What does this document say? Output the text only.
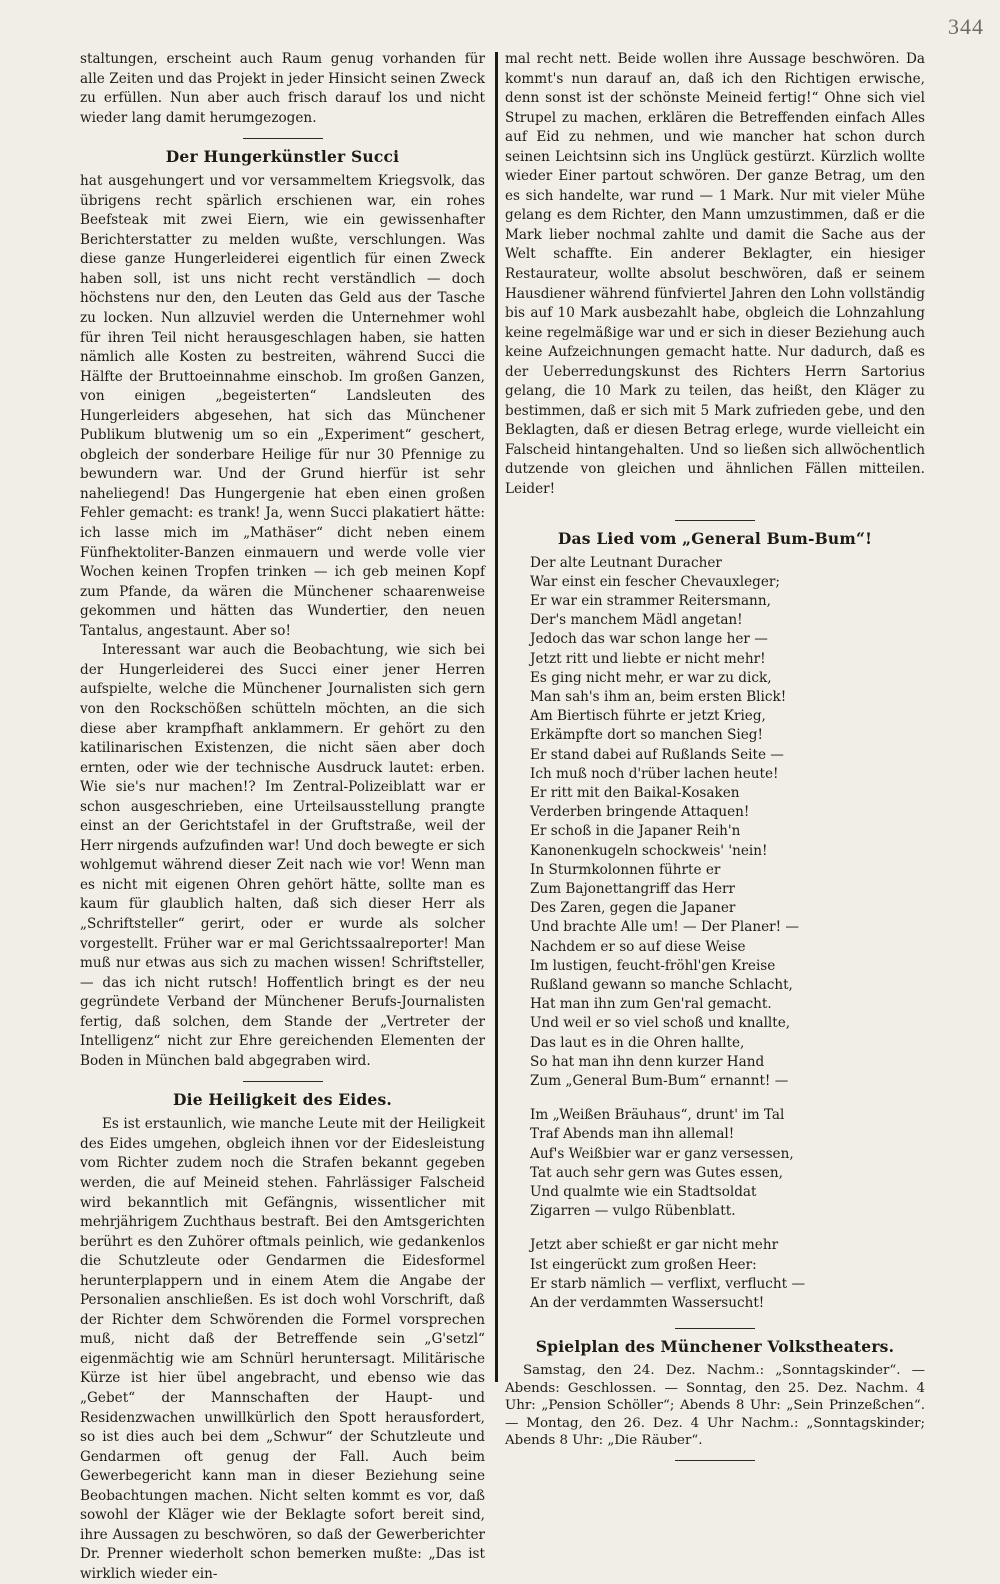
344

staltungen, erscheint auch Raum genug vorhanden für alle Zeiten und das Projekt in jeder Hinsicht seinen Zweck zu erfüllen. Nun aber auch frisch darauf los und nicht wieder lang damit herumgezogen.

Der Hungerkünstler Succi

hat ausgehungert und vor versammeltem Kriegsvolk, das übrigens recht spärlich erschienen war, ein rohes Beefsteak mit zwei Eiern, wie ein gewissenhafter Berichterstatter zu melden wußte, verschlungen. Was diese ganze Hungerleiderei eigentlich für einen Zweck haben soll, ist uns nicht recht verständlich — doch höchstens nur den, den Leuten das Geld aus der Tasche zu locken. Nun allzuviel werden die Unternehmer wohl für ihren Teil nicht herausgeschlagen haben, sie hatten nämlich alle Kosten zu bestreiten, während Succi die Hälfte der Bruttoeinnahme einschob. Im großen Ganzen, von einigen „begeisterten“ Landsleuten des Hungerleiders abgesehen, hat sich das Münchener Publikum blutwenig um so ein „Experiment“ geschert, obgleich der sonderbare Heilige für nur 30 Pfennige zu bewundern war. Und der Grund hierfür ist sehr naheliegend! Das Hungergenie hat eben einen großen Fehler gemacht: es trank! Ja, wenn Succi plakatiert hätte: ich lasse mich im „Mathäser“ dicht neben einem Fünfhektoliter-Banzen einmauern und werde volle vier Wochen keinen Tropfen trinken — ich geb meinen Kopf zum Pfande, da wären die Münchener schaarenweise gekommen und hätten das Wundertier, den neuen Tantalus, angestaunt. Aber so!

Interessant war auch die Beobachtung, wie sich bei der Hungerleiderei des Succi einer jener Herren aufspielte, welche die Münchener Journalisten sich gern von den Rockschößen schütteln möchten, an die sich diese aber krampfhaft anklammern. Er gehört zu den katilinarischen Existenzen, die nicht säen aber doch ernten, oder wie der technische Ausdruck lautet: erben. Wie sie's nur machen!? Im Zentral-Polizeiblatt war er schon ausgeschrieben, eine Urteilsausstellung prangte einst an der Gerichtstafel in der Gruftstraße, weil der Herr nirgends aufzufinden war! Und doch bewegte er sich wohlgemut während dieser Zeit nach wie vor! Wenn man es nicht mit eigenen Ohren gehört hätte, sollte man es kaum für glaublich halten, daß sich dieser Herr als „Schriftsteller“ gerirt, oder er wurde als solcher vorgestellt. Früher war er mal Gerichtssaalreporter! Man muß nur etwas aus sich zu machen wissen! Schriftsteller, — das ich nicht rutsch! Hoffentlich bringt es der neu gegründete Verband der Münchener Berufs-Journalisten fertig, daß solchen, dem Stande der „Vertreter der Intelligenz“ nicht zur Ehre gereichenden Elementen der Boden in München bald abgegraben wird.

Die Heiligkeit des Eides.

Es ist erstaunlich, wie manche Leute mit der Heiligkeit des Eides umgehen, obgleich ihnen vor der Eidesleistung vom Richter zudem noch die Strafen bekannt gegeben werden, die auf Meineid stehen. Fahrlässiger Falscheid wird bekanntlich mit Gefängnis, wissentlicher mit mehrjährigem Zuchthaus bestraft. Bei den Amtsgerichten berührt es den Zuhörer oftmals peinlich, wie gedankenlos die Schutzleute oder Gendarmen die Eidesformel herunterplappern und in einem Atem die Angabe der Personalien anschließen. Es ist doch wohl Vorschrift, daß der Richter dem Schwörenden die Formel vorsprechen muß, nicht daß der Betreffende sein „G'setzl“ eigenmächtig wie am Schnürl heruntersagt. Militärische Kürze ist hier übel angebracht, und ebenso wie das „Gebet“ der Mannschaften der Haupt- und Residenzwachen unwillkürlich den Spott herausfordert, so ist dies auch bei dem „Schwur“ der Schutzleute und Gendarmen oft genug der Fall. Auch beim Gewerbegericht kann man in dieser Beziehung seine Beobachtungen machen. Nicht selten kommt es vor, daß sowohl der Kläger wie der Beklagte sofort bereit sind, ihre Aussagen zu beschwören, so daß der Gewerberichter Dr. Prenner wiederholt schon bemerken mußte: „Das ist wirklich wieder ein-

mal recht nett. Beide wollen ihre Aussage beschwören. Da kommt's nun darauf an, daß ich den Richtigen erwische, denn sonst ist der schönste Meineid fertig!“ Ohne sich viel Strupel zu machen, erklären die Betreffenden einfach Alles auf Eid zu nehmen, und wie mancher hat schon durch seinen Leichtsinn sich ins Unglück gestürzt. Kürzlich wollte wieder Einer partout schwören. Der ganze Betrag, um den es sich handelte, war rund — 1 Mark. Nur mit vieler Mühe gelang es dem Richter, den Mann umzustimmen, daß er die Mark lieber nochmal zahlte und damit die Sache aus der Welt schaffte. Ein anderer Beklagter, ein hiesiger Restaurateur, wollte absolut beschwören, daß er seinem Hausdiener während fünfviertel Jahren den Lohn vollständig bis auf 10 Mark ausbezahlt habe, obgleich die Lohnzahlung keine regelmäßige war und er sich in dieser Beziehung auch keine Aufzeichnungen gemacht hatte. Nur dadurch, daß es der Ueberredungskunst des Richters Herrn Sartorius gelang, die 10 Mark zu teilen, das heißt, den Kläger zu bestimmen, daß er sich mit 5 Mark zufrieden gebe, und den Beklagten, daß er diesen Betrag erlege, wurde vielleicht ein Falscheid hintangehalten. Und so ließen sich allwöchentlich dutzende von gleichen und ähnlichen Fällen mitteilen. Leider!

Das Lied vom „General Bum-Bum“!
Der alte Leutnant Duracher
War einst ein fescher Chevauxleger;
Er war ein strammer Reitersmann,
Der's manchem Mädl angetan!
Jedoch das war schon lange her —
Jetzt ritt und liebte er nicht mehr!
Es ging nicht mehr, er war zu dick,
Man sah's ihm an, beim ersten Blick!
Am Biertisch führte er jetzt Krieg,
Erkämpfte dort so manchen Sieg!
Er stand dabei auf Rußlands Seite —
Ich muß noch d'rüber lachen heute!
Er ritt mit den Baikal-Kosaken
Verderben bringende Attaquen!
Er schoß in die Japaner Reih'n
Kanonenkugeln schockweis' 'nein!
In Sturmkolonnen führte er
Zum Bajonettangriff das Herr
Des Zaren, gegen die Japaner
Und brachte Alle um! — Der Planer! —
Nachdem er so auf diese Weise
Im lustigen, feucht-fröhl'gen Kreise
Rußland gewann so manche Schlacht,
Hat man ihn zum Gen'ral gemacht.
Und weil er so viel schoß und knallte,
Das laut es in die Ohren hallte,
So hat man ihn denn kurzer Hand
Zum „General Bum-Bum“ ernannt! —
Im „Weißen Bräuhaus“, drunt' im Tal
Traf Abends man ihn allemal!
Auf's Weißbier war er ganz versessen,
Tat auch sehr gern was Gutes essen,
Und qualmte wie ein Stadtsoldat
Zigarren — vulgo Rübenblatt.
Jetzt aber schießt er gar nicht mehr
Ist eingerückt zum großen Heer:
Er starb nämlich — verflixt, verflucht —
An der verdammten Wassersucht!
Spielplan des Münchener Volkstheaters.

Samstag, den 24. Dez. Nachm.: „Sonntagskinder“. — Abends: Geschlossen. — Sonntag, den 25. Dez. Nachm. 4 Uhr: „Pension Schöller“; Abends 8 Uhr: „Sein Prinzeßchen“. — Montag, den 26. Dez. 4 Uhr Nachm.: „Sonntagskinder; Abends 8 Uhr: „Die Räuber“.
